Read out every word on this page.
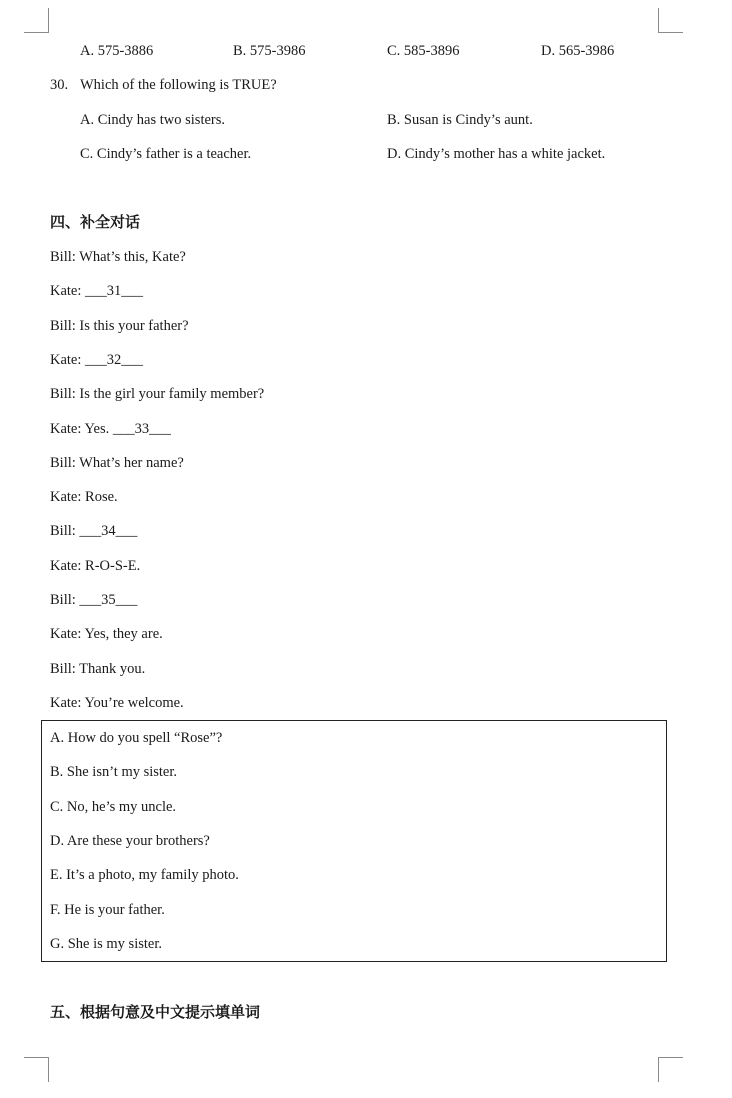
A. 575-3886	B. 575-3986	C. 585-3896	D. 565-3986
30. Which of the following is TRUE?
A. Cindy has two sisters.	B. Susan is Cindy’s aunt.
C. Cindy’s father is a teacher.	D. Cindy’s mother has a white jacket.
四、补全对话
Bill: What’s this, Kate?
Kate: ___31___
Bill: Is this your father?
Kate: ___32___
Bill: Is the girl your family member?
Kate: Yes. ___33___
Bill: What’s her name?
Kate: Rose.
Bill: ___34___
Kate: R-O-S-E.
Bill: ___35___
Kate: Yes, they are.
Bill: Thank you.
Kate: You’re welcome.
A. How do you spell “Rose”?
B. She isn’t my sister.
C. No, he’s my uncle.
D. Are these your brothers?
E. It’s a photo, my family photo.
F. He is your father.
G. She is my sister.
五、根据句意及中文提示填单词
